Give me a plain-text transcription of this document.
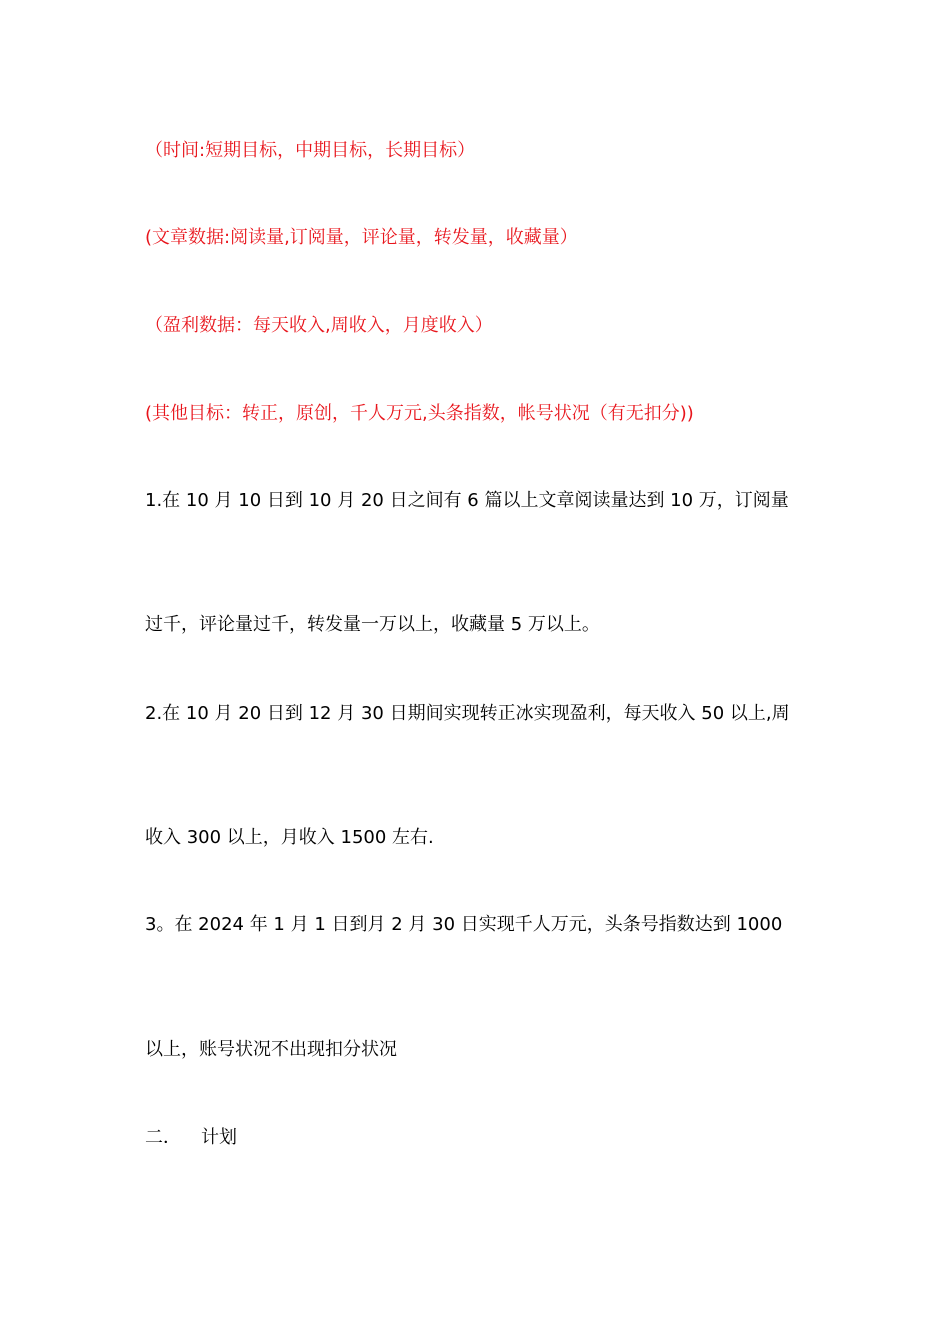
（时间:短期目标，中期目标，长期目标）
(文章数据:阅读量,订阅量，评论量，转发量，收藏量）
（盈利数据：每天收入,周收入，月度收入）
(其他目标：转正，原创，千人万元,头条指数，帐号状况（有无扣分))
1.在 10 月 10 日到 10 月 20 日之间有 6 篇以上文章阅读量达到 10 万，订阅量
过千，评论量过千，转发量一万以上，收藏量 5 万以上。
2.在 10 月 20 日到 12 月 30 日期间实现转正冰实现盈利，每天收入 50 以上,周
收入 300 以上，月收入 1500 左右.
3。在 2024 年 1 月 1 日到月 2 月 30 日实现千人万元，头条号指数达到 1000
以上，账号状况不出现扣分状况
二． 计划
